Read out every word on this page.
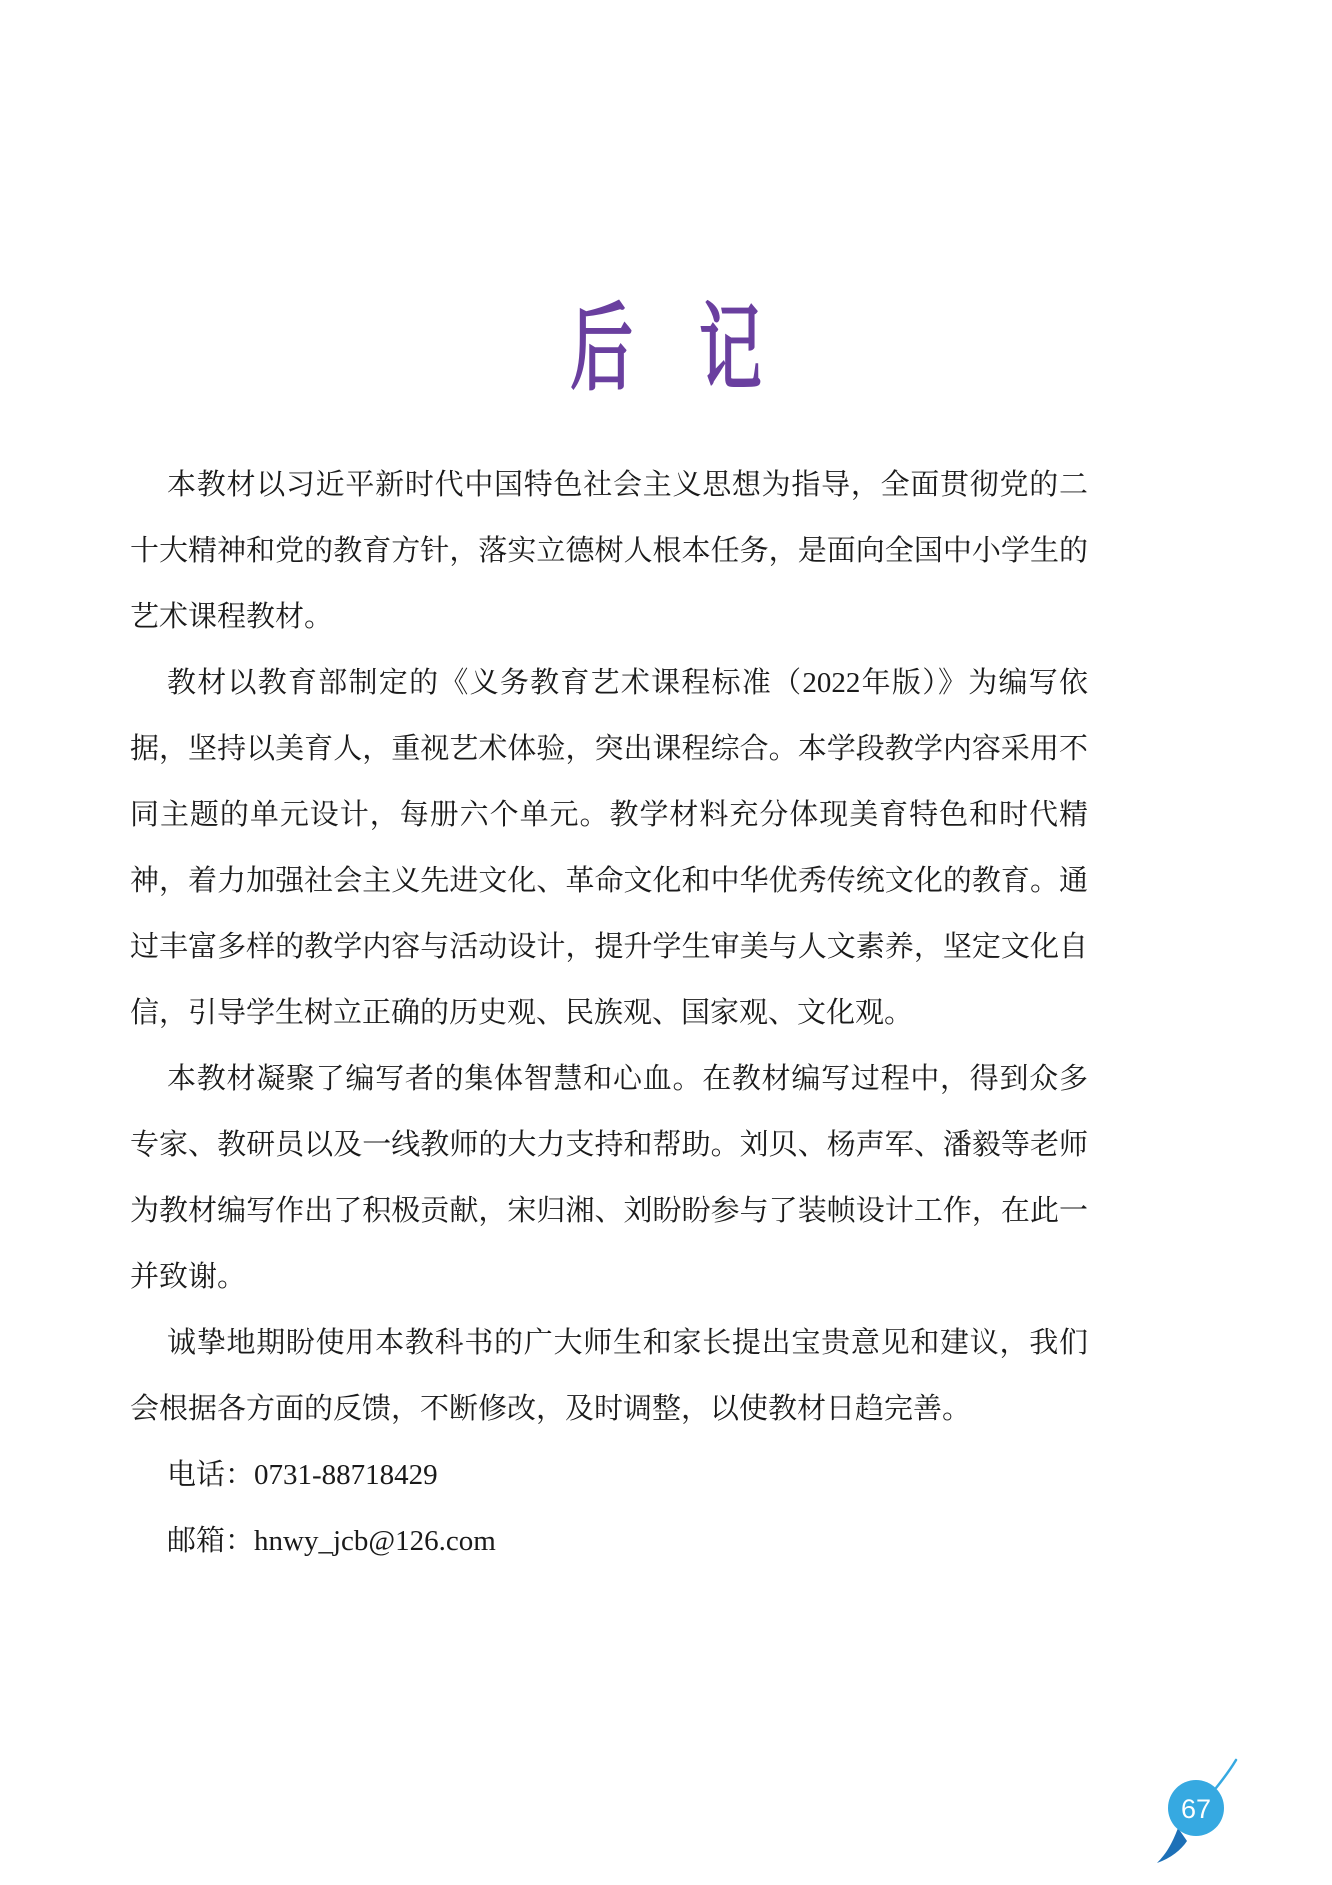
后 记

本教材以习近平新时代中国特色社会主义思想为指导，全面贯彻党的二十大精神和党的教育方针，落实立德树人根本任务，是面向全国中小学生的艺术课程教材。

教材以教育部制定的《义务教育艺术课程标准（2022年版）》为编写依据，坚持以美育人，重视艺术体验，突出课程综合。本学段教学内容采用不同主题的单元设计，每册六个单元。教学材料充分体现美育特色和时代精神，着力加强社会主义先进文化、革命文化和中华优秀传统文化的教育。通过丰富多样的教学内容与活动设计，提升学生审美与人文素养，坚定文化自信，引导学生树立正确的历史观、民族观、国家观、文化观。

本教材凝聚了编写者的集体智慧和心血。在教材编写过程中，得到众多专家、教研员以及一线教师的大力支持和帮助。刘贝、杨声军、潘毅等老师为教材编写作出了积极贡献，宋归湘、刘盼盼参与了装帧设计工作，在此一并致谢。

诚挚地期盼使用本教科书的广大师生和家长提出宝贵意见和建议，我们会根据各方面的反馈，不断修改，及时调整，以使教材日趋完善。

电话：0731-88718429

邮箱：hnwy_jcb@126.com

67
